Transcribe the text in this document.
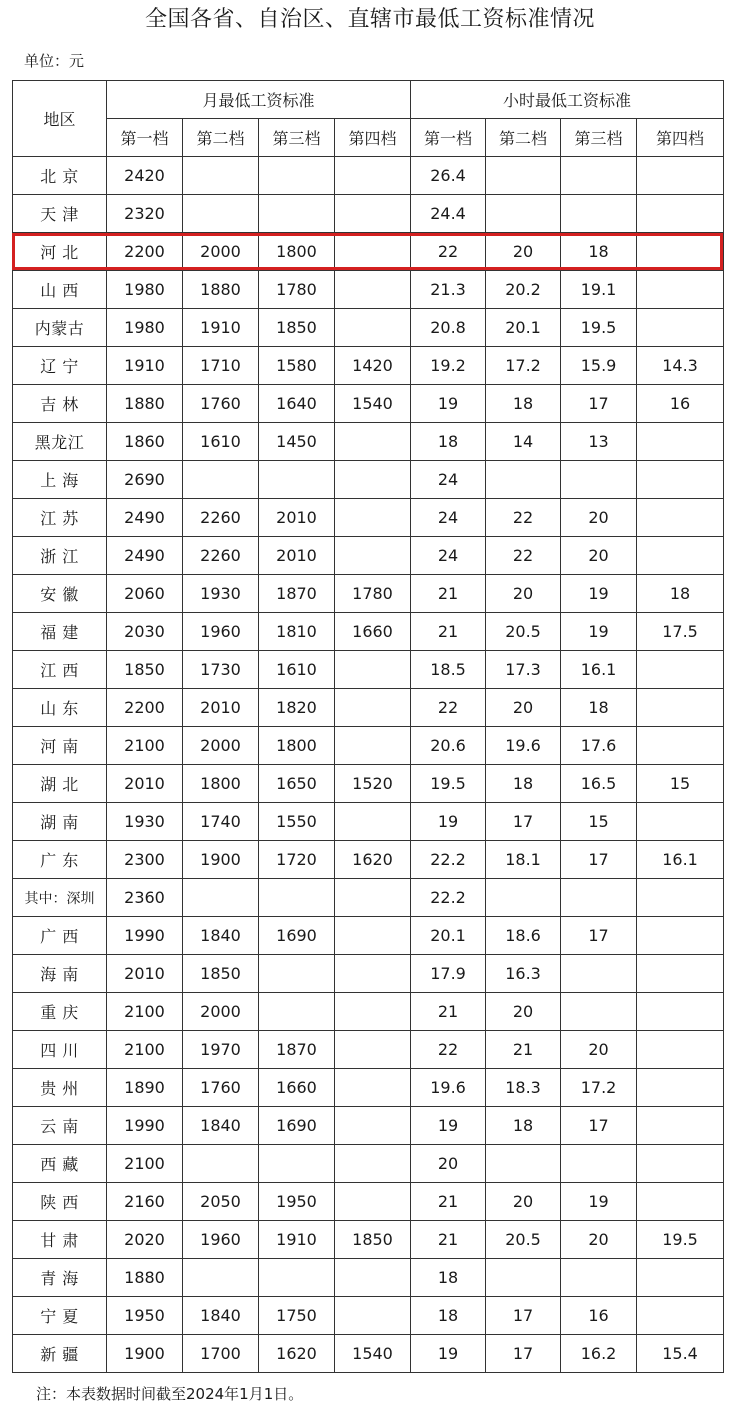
全国各省、自治区、直辖市最低工资标准情况
单位：元
地区	月最低工资标准				小时最低工资标准			
	第一档	第二档	第三档	第四档	第一档	第二档	第三档	第四档
北 京	2420				26.4			
天 津	2320				24.4			
河 北	2200	2000	1800		22	20	18	
山 西	1980	1880	1780		21.3	20.2	19.1	
内蒙古	1980	1910	1850		20.8	20.1	19.5	
辽 宁	1910	1710	1580	1420	19.2	17.2	15.9	14.3
吉 林	1880	1760	1640	1540	19	18	17	16
黑龙江	1860	1610	1450		18	14	13	
上 海	2690				24			
江 苏	2490	2260	2010		24	22	20	
浙 江	2490	2260	2010		24	22	20	
安 徽	2060	1930	1870	1780	21	20	19	18
福 建	2030	1960	1810	1660	21	20.5	19	17.5
江 西	1850	1730	1610		18.5	17.3	16.1	
山 东	2200	2010	1820		22	20	18	
河 南	2100	2000	1800		20.6	19.6	17.6	
湖 北	2010	1800	1650	1520	19.5	18	16.5	15
湖 南	1930	1740	1550		19	17	15	
广 东	2300	1900	1720	1620	22.2	18.1	17	16.1
其中：深圳	2360				22.2			
广 西	1990	1840	1690		20.1	18.6	17	
海 南	2010	1850			17.9	16.3		
重 庆	2100	2000			21	20		
四 川	2100	1970	1870		22	21	20	
贵 州	1890	1760	1660		19.6	18.3	17.2	
云 南	1990	1840	1690		19	18	17	
西 藏	2100				20			
陕 西	2160	2050	1950		21	20	19	
甘 肃	2020	1960	1910	1850	21	20.5	20	19.5
青 海	1880				18			
宁 夏	1950	1840	1750		18	17	16	
新 疆	1900	1700	1620	1540	19	17	16.2	15.4
注：本表数据时间截至2024年1月1日。
